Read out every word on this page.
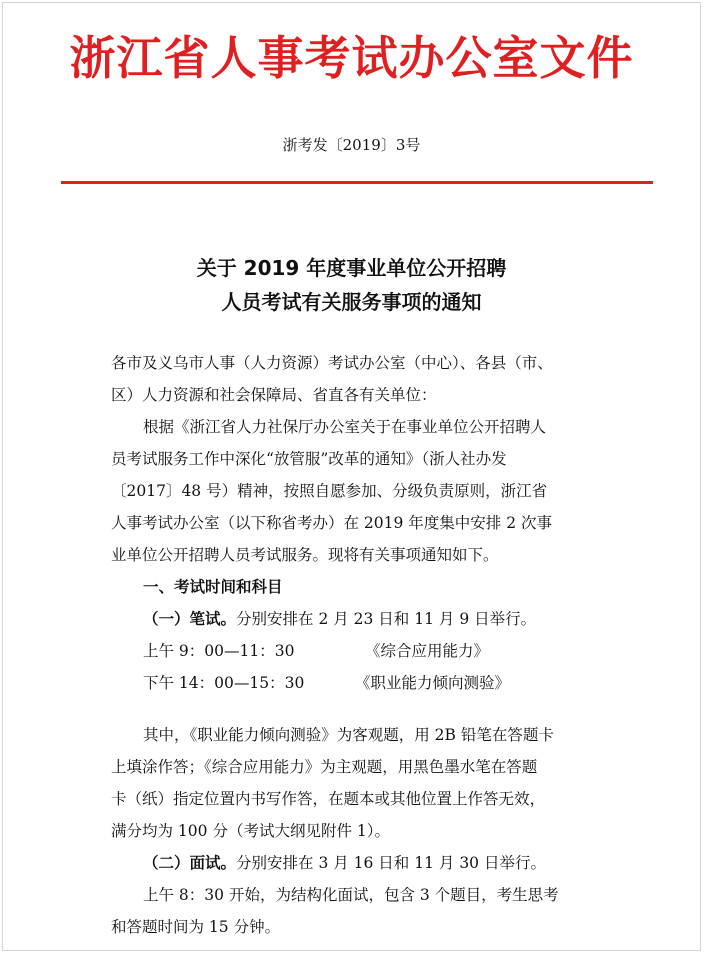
浙江省人事考试办公室文件
浙考发〔2019〕3号
关于 2019 年度事业单位公开招聘
人员考试有关服务事项的通知
各市及义乌市人事（人力资源）考试办公室（中心）、各县（市、
区）人力资源和社会保障局、省直各有关单位：
根据《浙江省人力社保厅办公室关于在事业单位公开招聘人
员考试服务工作中深化“放管服”改革的通知》（浙人社办发
〔2017〕48 号）精神，按照自愿参加、分级负责原则，浙江省
人事考试办公室（以下称省考办）在 2019 年度集中安排 2 次事
业单位公开招聘人员考试服务。现将有关事项通知如下。
一、考试时间和科目
（一）笔试。分别安排在 2 月 23 日和 11 月 9 日举行。
上午 9：00—11：30	《综合应用能力》
下午 14：00—15：30	《职业能力倾向测验》
其中，《职业能力倾向测验》为客观题，用 2B 铅笔在答题卡
上填涂作答；《综合应用能力》为主观题，用黑色墨水笔在答题
卡（纸）指定位置内书写作答，在题本或其他位置上作答无效，
满分均为 100 分（考试大纲见附件 1）。
（二）面试。分别安排在 3 月 16 日和 11 月 30 日举行。
上午 8：30 开始，为结构化面试，包含 3 个题目，考生思考
和答题时间为 15 分钟。
